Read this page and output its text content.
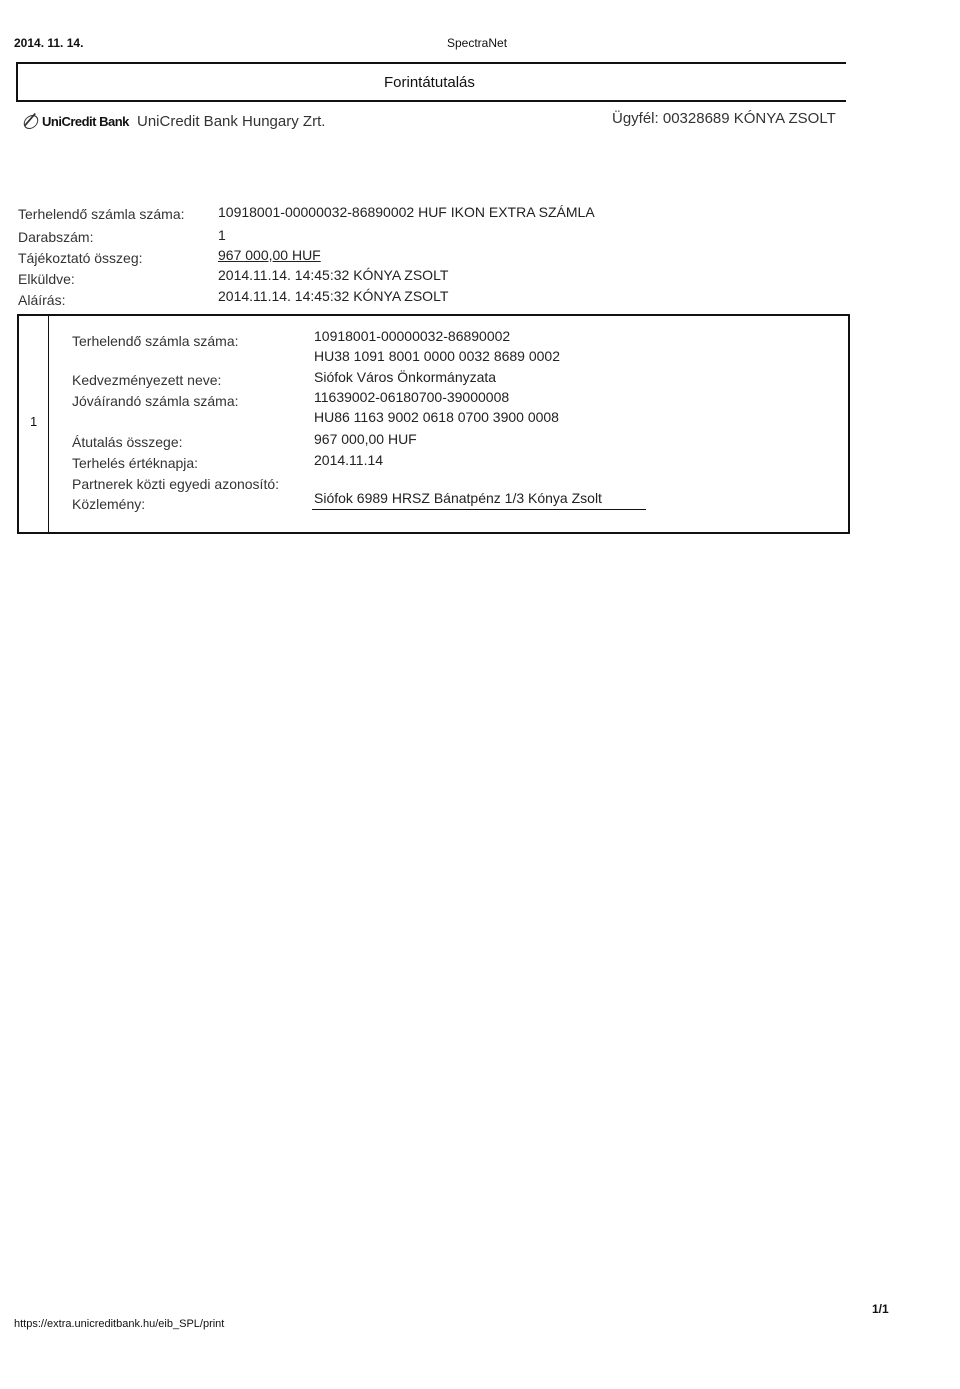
2014. 11. 14.	SpectraNet
Forintátutalás
UniCredit Bank UniCredit Bank Hungary Zrt.	Ügyfél: 00328689 KÓNYA ZSOLT
Terhelendő számla száma: 10918001-00000032-86890002 HUF IKON EXTRA SZÁMLA
Darabszám:	1
Tájékoztató összeg:	967 000,00 HUF
Elküldve:	2014.11.14. 14:45:32 KÓNYA ZSOLT
Aláírás:	2014.11.14. 14:45:32 KÓNYA ZSOLT
1
Terhelendő számla száma:	10918001-00000032-86890002
HU38 1091 8001 0000 0032 8689 0002
Kedvezményezett neve:	Siófok Város Önkormányzata
Jóváírandó számla száma:	11639002-06180700-39000008
HU86 1163 9002 0618 0700 3900 0008
Átutalás összege:	967 000,00 HUF
Terhelés értéknapja:	2014.11.14
Partnerek közti egyedi azonosító:
Közlemény:	Siófok 6989 HRSZ Bánatpénz 1/3 Kónya Zsolt
https://extra.unicreditbank.hu/eib_SPL/print
1/1
